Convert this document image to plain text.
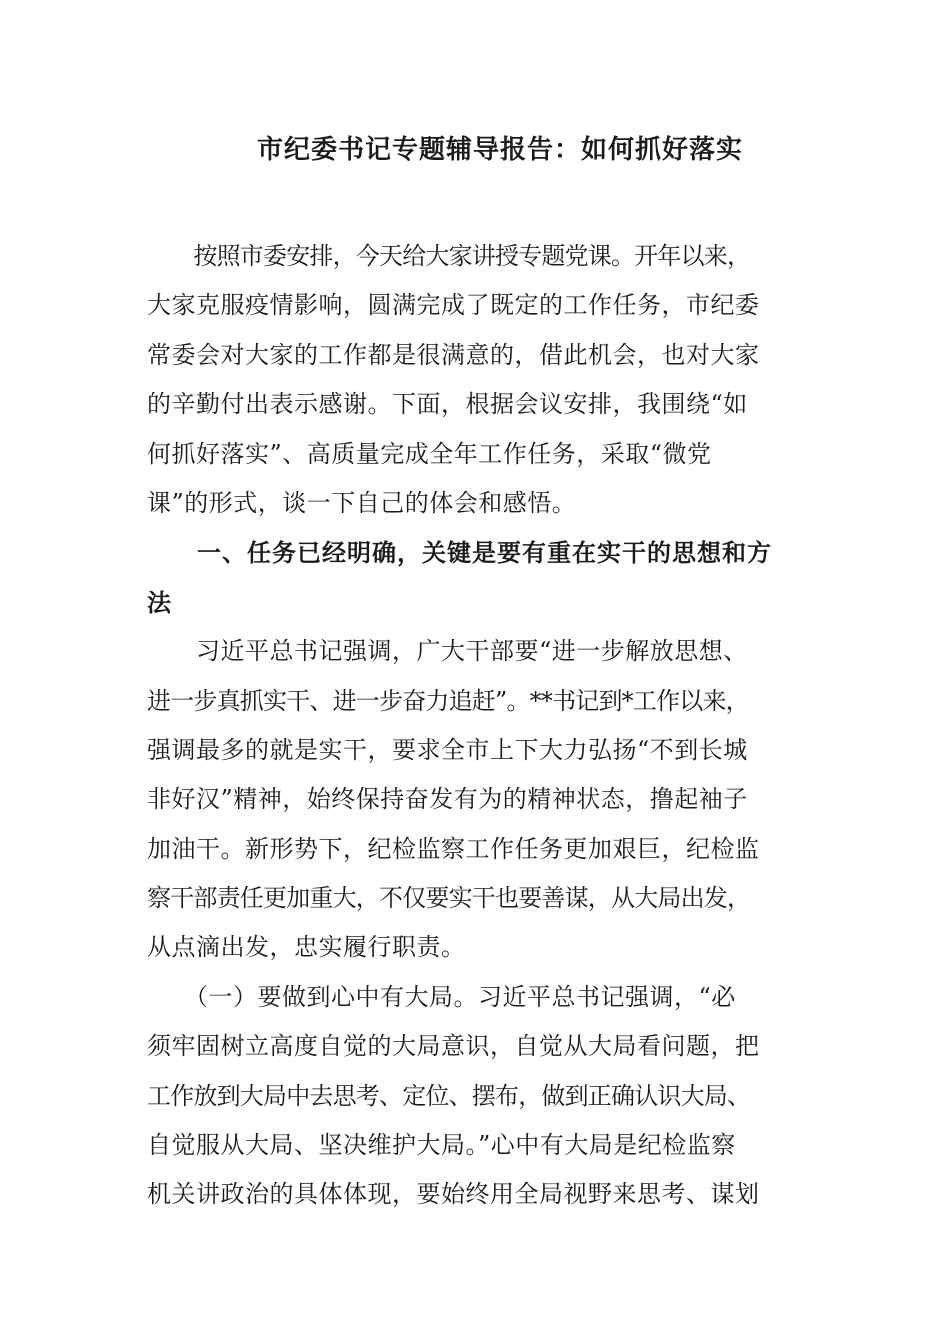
市纪委书记专题辅导报告：如何抓好落实
　　按照市委安排，今天给大家讲授专题党课。开年以来，
大家克服疫情影响，圆满完成了既定的工作任务，市纪委
常委会对大家的工作都是很满意的，借此机会，也对大家
的辛勤付出表示感谢。下面，根据会议安排，我围绕“如
何抓好落实”、高质量完成全年工作任务，采取“微党
课”的形式，谈一下自己的体会和感悟。
　　一、任务已经明确，关键是要有重在实干的思想和方
法
　　习近平总书记强调，广大干部要“进一步解放思想、
进一步真抓实干、进一步奋力追赶”。**书记到*工作以来，
强调最多的就是实干，要求全市上下大力弘扬“不到长城
非好汉”精神，始终保持奋发有为的精神状态，撸起袖子
加油干。新形势下，纪检监察工作任务更加艰巨，纪检监
察干部责任更加重大，不仅要实干也要善谋，从大局出发，
从点滴出发，忠实履行职责。
　　（一）要做到心中有大局。习近平总书记强调，“必
须牢固树立高度自觉的大局意识，自觉从大局看问题，把
工作放到大局中去思考、定位、摆布，做到正确认识大局、
自觉服从大局、坚决维护大局。”心中有大局是纪检监察
机关讲政治的具体体现，要始终用全局视野来思考、谋划
